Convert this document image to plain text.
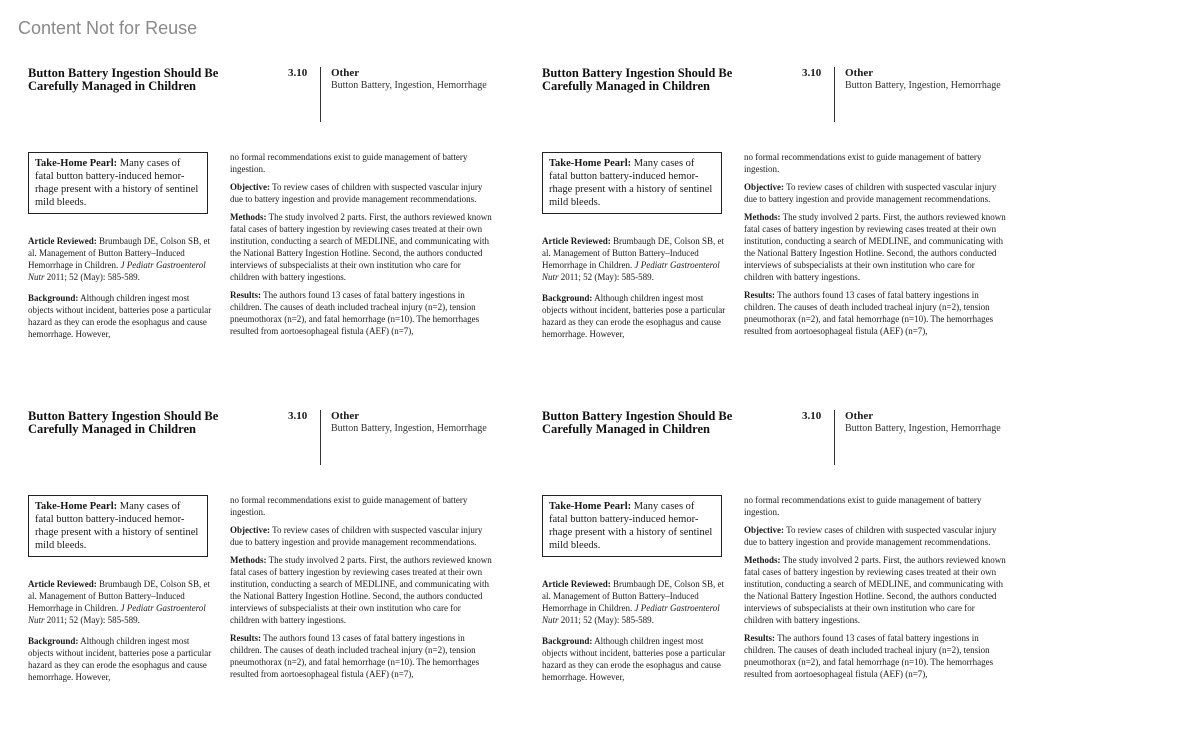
Content Not for Reuse
Button Battery Ingestion Should Be Carefully Managed in Children
3.10 Other
Button Battery, Ingestion, Hemorrhage
Take-Home Pearl: Many cases of fatal button battery-induced hemor-rhage present with a history of sentinel mild bleeds.

Article Reviewed: Brumbaugh DE, Colson SB, et al. Management of Button Battery–Induced Hemorrhage in Children. J Pediatr Gastroenterol Nutr 2011; 52 (May): 585-589.

Background: Although children ingest most objects without incident, batteries pose a particular hazard as they can erode the esophagus and cause hemorrhage. However,

no formal recommendations exist to guide management of battery ingestion.

Objective: To review cases of children with suspected vascular injury due to battery ingestion and provide management recommendations.

Methods: The study involved 2 parts. First, the authors reviewed known fatal cases of battery ingestion by reviewing cases treated at their own institution, conducting a search of MEDLINE, and communicating with the National Battery Ingestion Hotline. Second, the authors conducted interviews of subspecialists at their own institution who care for children with battery ingestions.

Results: The authors found 13 cases of fatal battery ingestions in children. The causes of death included tracheal injury (n=2), tension pneumothorax (n=2), and fatal hemorrhage (n=10). The hemorrhages resulted from aortoesophageal fistula (AEF) (n=7),

Button Battery Ingestion Should Be Carefully Managed in Children
3.10 Other
Button Battery, Ingestion, Hemorrhage
Take-Home Pearl: Many cases of fatal button battery-induced hemor-rhage present with a history of sentinel mild bleeds.

Article Reviewed: Brumbaugh DE, Colson SB, et al. Management of Button Battery–Induced Hemorrhage in Children. J Pediatr Gastroenterol Nutr 2011; 52 (May): 585-589.

Background: Although children ingest most objects without incident, batteries pose a particular hazard as they can erode the esophagus and cause hemorrhage. However,

no formal recommendations exist to guide management of battery ingestion.

Objective: To review cases of children with suspected vascular injury due to battery ingestion and provide management recommendations.

Methods: The study involved 2 parts. First, the authors reviewed known fatal cases of battery ingestion by reviewing cases treated at their own institution, conducting a search of MEDLINE, and communicating with the National Battery Ingestion Hotline. Second, the authors conducted interviews of subspecialists at their own institution who care for children with battery ingestions.

Results: The authors found 13 cases of fatal battery ingestions in children. The causes of death included tracheal injury (n=2), tension pneumothorax (n=2), and fatal hemorrhage (n=10). The hemorrhages resulted from aortoesophageal fistula (AEF) (n=7),

Button Battery Ingestion Should Be Carefully Managed in Children
3.10 Other
Button Battery, Ingestion, Hemorrhage
Take-Home Pearl: Many cases of fatal button battery-induced hemor-rhage present with a history of sentinel mild bleeds.

Article Reviewed: Brumbaugh DE, Colson SB, et al. Management of Button Battery–Induced Hemorrhage in Children. J Pediatr Gastroenterol Nutr 2011; 52 (May): 585-589.

Background: Although children ingest most objects without incident, batteries pose a particular hazard as they can erode the esophagus and cause hemorrhage. However,

no formal recommendations exist to guide management of battery ingestion.

Objective: To review cases of children with suspected vascular injury due to battery ingestion and provide management recommendations.

Methods: The study involved 2 parts. First, the authors reviewed known fatal cases of battery ingestion by reviewing cases treated at their own institution, conducting a search of MEDLINE, and communicating with the National Battery Ingestion Hotline. Second, the authors conducted interviews of subspecialists at their own institution who care for children with battery ingestions.

Results: The authors found 13 cases of fatal battery ingestions in children. The causes of death included tracheal injury (n=2), tension pneumothorax (n=2), and fatal hemorrhage (n=10). The hemorrhages resulted from aortoesophageal fistula (AEF) (n=7),

Button Battery Ingestion Should Be Carefully Managed in Children
3.10 Other
Button Battery, Ingestion, Hemorrhage
Take-Home Pearl: Many cases of fatal button battery-induced hemor-rhage present with a history of sentinel mild bleeds.

Article Reviewed: Brumbaugh DE, Colson SB, et al. Management of Button Battery–Induced Hemorrhage in Children. J Pediatr Gastroenterol Nutr 2011; 52 (May): 585-589.

Background: Although children ingest most objects without incident, batteries pose a particular hazard as they can erode the esophagus and cause hemorrhage. However,

no formal recommendations exist to guide management of battery ingestion.

Objective: To review cases of children with suspected vascular injury due to battery ingestion and provide management recommendations.

Methods: The study involved 2 parts. First, the authors reviewed known fatal cases of battery ingestion by reviewing cases treated at their own institution, conducting a search of MEDLINE, and communicating with the National Battery Ingestion Hotline. Second, the authors conducted interviews of subspecialists at their own institution who care for children with battery ingestions.

Results: The authors found 13 cases of fatal battery ingestions in children. The causes of death included tracheal injury (n=2), tension pneumothorax (n=2), and fatal hemorrhage (n=10). The hemorrhages resulted from aortoesophageal fistula (AEF) (n=7),
